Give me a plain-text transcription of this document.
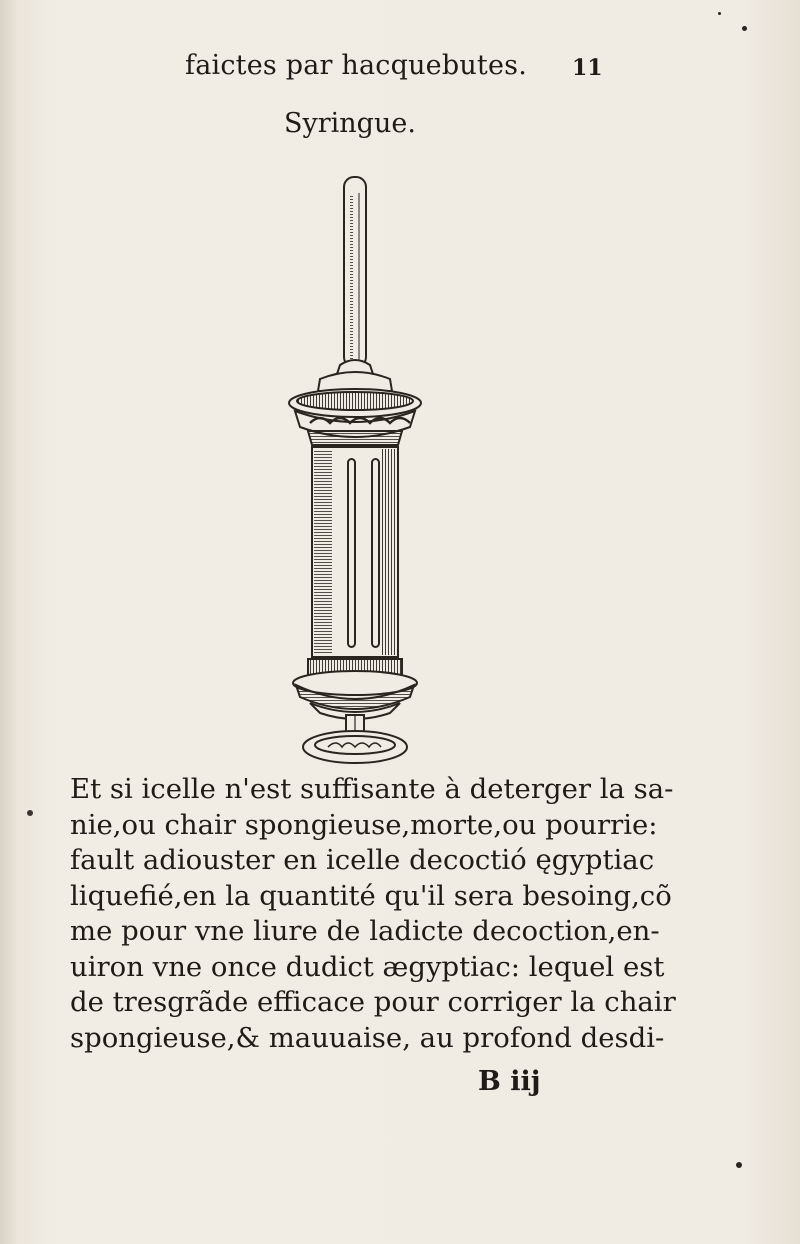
faictes par hacquebutes. 11
Syringue.
Et si icelle n'est suffisante à deterger la sa-
nie,ou chair spongieuse,morte,ou pourrie:
fault adiouster en icelle decoctió ęgyptiac
liquefié,en la quantité qu'il sera besoing,cõ
me pour vne liure de ladicte decoction,en-
uiron vne once dudict ægyptiac: lequel est
de tresgrãde efficace pour corriger la chair
spongieuse,& mauuaise, au profond desdi-
B iij
